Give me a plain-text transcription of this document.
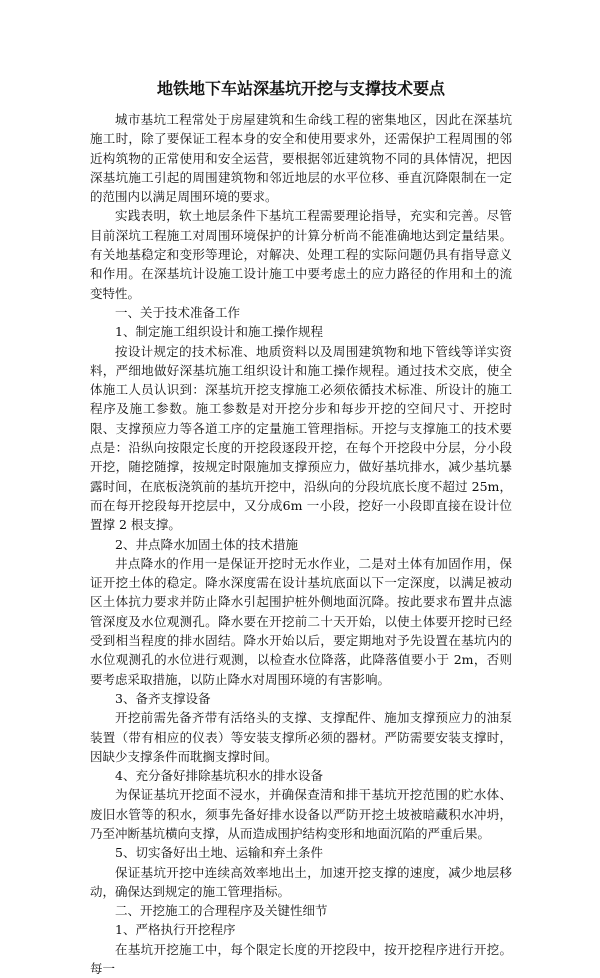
地铁地下车站深基坑开挖与支撑技术要点

城市基坑工程常处于房屋建筑和生命线工程的密集地区，因此在深基坑施工时，除了要保证工程本身的安全和使用要求外，还需保护工程周围的邻近构筑物的正常使用和安全运营，要根据邻近建筑物不同的具体情况，把因深基坑施工引起的周围建筑物和邻近地层的水平位移、垂直沉降限制在一定的范围内以满足周围环境的要求。

实践表明，软土地层条件下基坑工程需要理论指导，充实和完善。尽管目前深坑工程施工对周围环境保护的计算分析尚不能准确地达到定量结果。有关地基稳定和变形等理论，对解决、处理工程的实际问题仍具有指导意义和作用。在深基坑计设施工设计施工中要考虑土的应力路径的作用和土的流变特性。

一、关于技术准备工作

1、制定施工组织设计和施工操作规程

按设计规定的技术标准、地质资料以及周围建筑物和地下管线等详实资料，严细地做好深基坑施工组织设计和施工操作规程。通过技术交底，使全体施工人员认识到：深基坑开挖支撑施工必须依循技术标准、所设计的施工程序及施工参数。施工参数是对开挖分步和每步开挖的空间尺寸、开挖时限、支撑预应力等各道工序的定量施工管理指标。开挖与支撑施工的技术要点是：沿纵向按限定长度的开挖段逐段开挖，在每个开挖段中分层，分小段开挖，随挖随撑，按规定时限施加支撑预应力，做好基坑排水，减少基坑暴露时间，在底板浇筑前的基坑开挖中，沿纵向的分段坑底长度不超过 25m，而在每开挖段每开挖层中，又分成6m 一小段，挖好一小段即直接在设计位置撑 2 根支撑。

2、井点降水加固土体的技术措施

井点降水的作用一是保证开挖时无水作业，二是对土体有加固作用，保证开挖土体的稳定。降水深度需在设计基坑底面以下一定深度，以满足被动区土体抗力要求并防止降水引起围护桩外侧地面沉降。按此要求布置井点滤管深度及水位观测孔。降水要在开挖前二十天开始，以使土体要开挖时已经受到相当程度的排水固结。降水开始以后，要定期地对予先设置在基坑内的水位观测孔的水位进行观测，以检查水位降落，此降落值要小于 2m，否则要考虑采取措施，以防止降水对周围环境的有害影响。

3、备齐支撑设备

开挖前需先备齐带有活络头的支撑、支撑配件、施加支撑预应力的油泵装置（带有相应的仪表）等安装支撑所必须的器材。严防需要安装支撑时，因缺少支撑条件而耽搁支撑时间。

4、充分备好排除基坑积水的排水设备

为保证基坑开挖面不浸水，并确保查清和排干基坑开挖范围的贮水体、废旧水管等的积水，须事先备好排水设备以严防开挖土坡被暗藏积水冲坍，乃至冲断基坑横向支撑，从而造成围护结构变形和地面沉陷的严重后果。

5、切实备好出土地、运输和弃土条件

保证基坑开挖中连续高效率地出土，加速开挖支撑的速度，减少地层移动，确保达到规定的施工管理指标。

二、开挖施工的合理程序及关键性细节

1、严格执行开挖程序

在基坑开挖施工中，每个限定长度的开挖段中，按开挖程序进行开挖。每一
